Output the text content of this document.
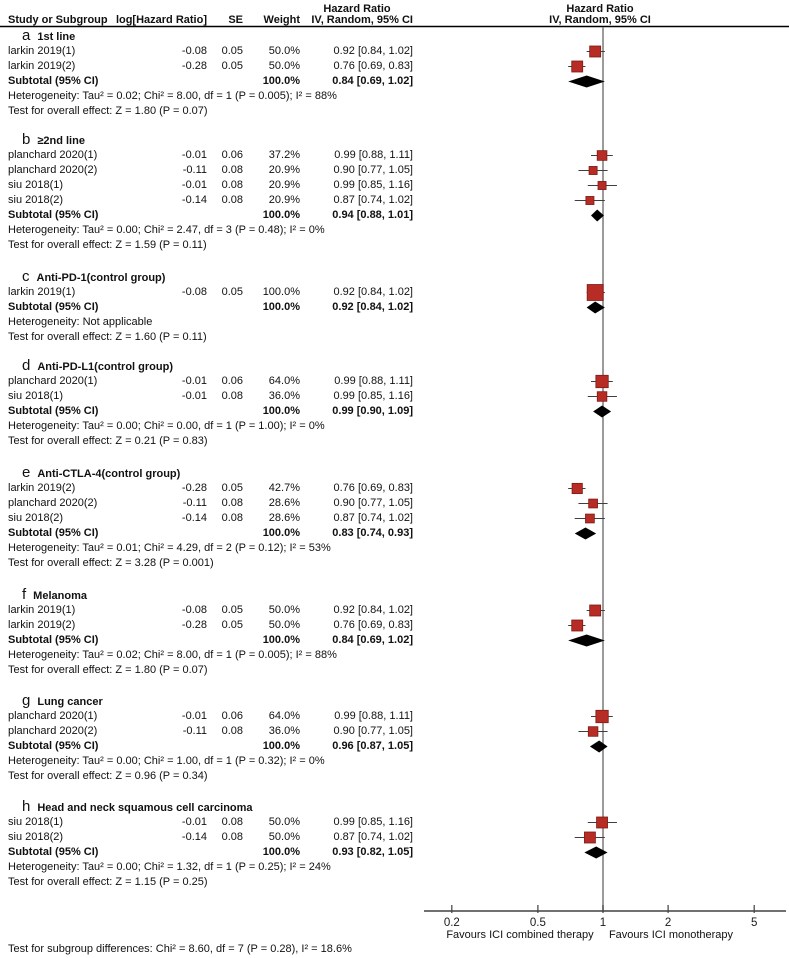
Hazard Ratio	Hazard Ratio
Study or Subgroup log[Hazard Ratio]	SE	Weight	IV, Random, 95% CI	IV, Random, 95% CI
a 1st line
larkin 2019(1)	-0.08	0.05	50.0%	0.92 [0.84, 1.02]
larkin 2019(2)	-0.28	0.05	50.0%	0.76 [0.69, 0.83]
Subtotal (95% CI)	100.0%	0.84 [0.69, 1.02]
Heterogeneity: Tau² = 0.02; Chi² = 8.00, df = 1 (P = 0.005); I² = 88%
Test for overall effect: Z = 1.80 (P = 0.07)
b ≥2nd line
planchard 2020(1)	-0.01	0.06	37.2%	0.99 [0.88, 1.11]
planchard 2020(2)	-0.11	0.08	20.9%	0.90 [0.77, 1.05]
siu 2018(1)	-0.01	0.08	20.9%	0.99 [0.85, 1.16]
siu 2018(2)	-0.14	0.08	20.9%	0.87 [0.74, 1.02]
Subtotal (95% CI)	100.0%	0.94 [0.88, 1.01]
Heterogeneity: Tau² = 0.00; Chi² = 2.47, df = 3 (P = 0.48); I² = 0%
Test for overall effect: Z = 1.59 (P = 0.11)
c Anti-PD-1(control group)
larkin 2019(1)	-0.08	0.05	100.0%	0.92 [0.84, 1.02]
Subtotal (95% CI)	100.0%	0.92 [0.84, 1.02]
Heterogeneity: Not applicable
Test for overall effect: Z = 1.60 (P = 0.11)
d Anti-PD-L1(control group)
planchard 2020(1)	-0.01	0.06	64.0%	0.99 [0.88, 1.11]
siu 2018(1)	-0.01	0.08	36.0%	0.99 [0.85, 1.16]
Subtotal (95% CI)	100.0%	0.99 [0.90, 1.09]
Heterogeneity: Tau² = 0.00; Chi² = 0.00, df = 1 (P = 1.00); I² = 0%
Test for overall effect: Z = 0.21 (P = 0.83)
e Anti-CTLA-4(control group)
larkin 2019(2)	-0.28	0.05	42.7%	0.76 [0.69, 0.83]
planchard 2020(2)	-0.11	0.08	28.6%	0.90 [0.77, 1.05]
siu 2018(2)	-0.14	0.08	28.6%	0.87 [0.74, 1.02]
Subtotal (95% CI)	100.0%	0.83 [0.74, 0.93]
Heterogeneity: Tau² = 0.01; Chi² = 4.29, df = 2 (P = 0.12); I² = 53%
Test for overall effect: Z = 3.28 (P = 0.001)
f Melanoma
larkin 2019(1)	-0.08	0.05	50.0%	0.92 [0.84, 1.02]
larkin 2019(2)	-0.28	0.05	50.0%	0.76 [0.69, 0.83]
Subtotal (95% CI)	100.0%	0.84 [0.69, 1.02]
Heterogeneity: Tau² = 0.02; Chi² = 8.00, df = 1 (P = 0.005); I² = 88%
Test for overall effect: Z = 1.80 (P = 0.07)
g Lung cancer
planchard 2020(1)	-0.01	0.06	64.0%	0.99 [0.88, 1.11]
planchard 2020(2)	-0.11	0.08	36.0%	0.90 [0.77, 1.05]
Subtotal (95% CI)	100.0%	0.96 [0.87, 1.05]
Heterogeneity: Tau² = 0.00; Chi² = 1.00, df = 1 (P = 0.32); I² = 0%
Test for overall effect: Z = 0.96 (P = 0.34)
h Head and neck squamous cell carcinoma
siu 2018(1)	-0.01	0.08	50.0%	0.99 [0.85, 1.16]
siu 2018(2)	-0.14	0.08	50.0%	0.87 [0.74, 1.02]
Subtotal (95% CI)	100.0%	0.93 [0.82, 1.05]
Heterogeneity: Tau² = 0.00; Chi² = 1.32, df = 1 (P = 0.25); I² = 24%
Test for overall effect: Z = 1.15 (P = 0.25)
0.2	0.5	1	2	5
Favours ICI combined therapy Favours ICI monotherapy
Test for subgroup differences: Chi² = 8.60, df = 7 (P = 0.28), I² = 18.6%
